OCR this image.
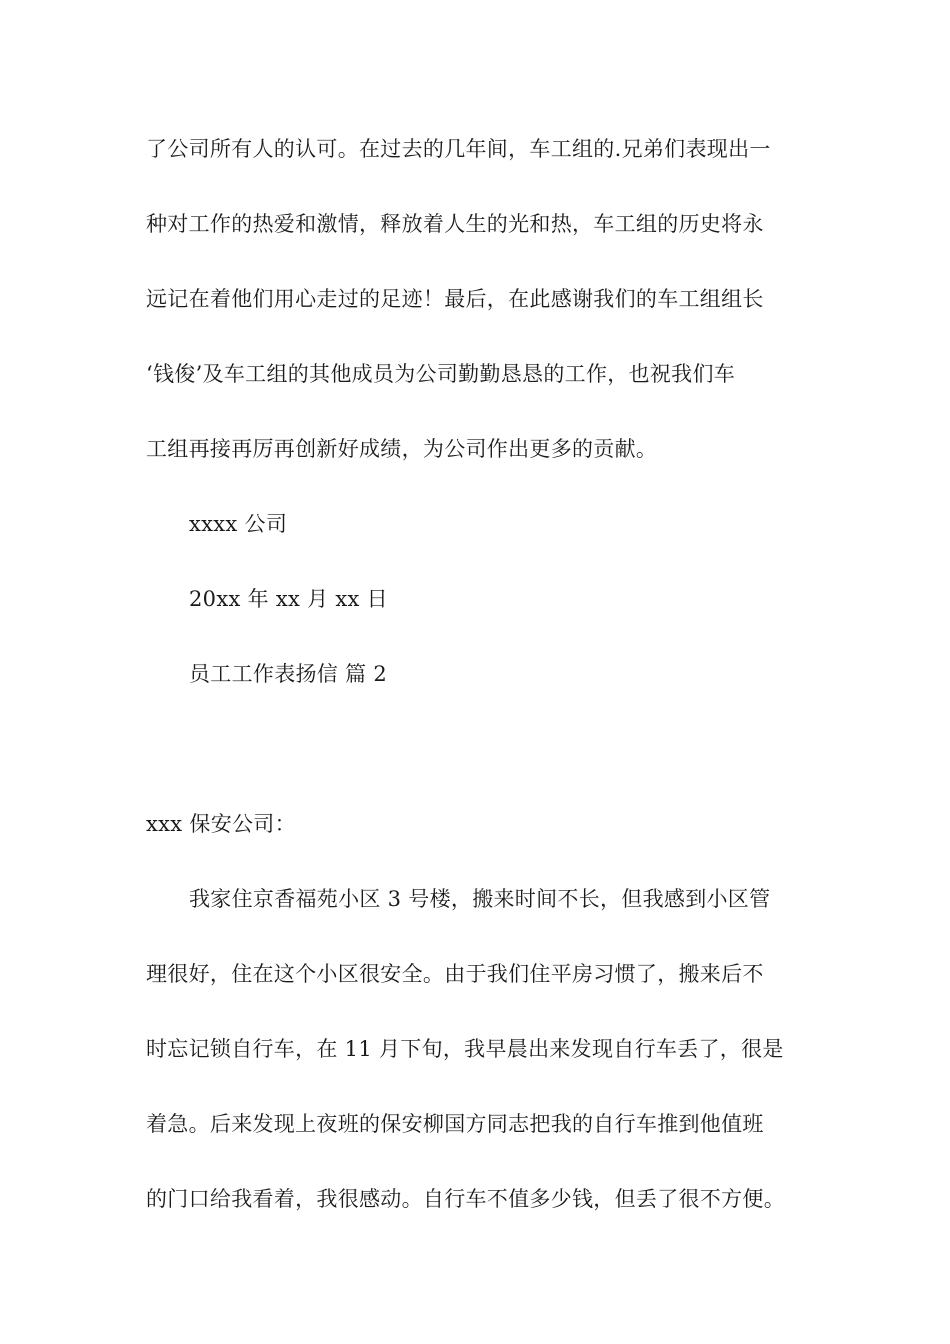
了公司所有人的认可。在过去的几年间，车工组的.兄弟们表现出一
种对工作的热爱和激情，释放着人生的光和热，车工组的历史将永
远记在着他们用心走过的足迹！最后，在此感谢我们的车工组组长
‘钱俊’及车工组的其他成员为公司勤勤恳恳的工作，也祝我们车
工组再接再厉再创新好成绩，为公司作出更多的贡献。
xxxx 公司
20xx 年 xx 月 xx 日
员工工作表扬信 篇 2
xxx 保安公司：
我家住京香福苑小区 3 号楼，搬来时间不长，但我感到小区管
理很好，住在这个小区很安全。由于我们住平房习惯了，搬来后不
时忘记锁自行车，在 11 月下旬，我早晨出来发现自行车丢了，很是
着急。后来发现上夜班的保安柳国方同志把我的自行车推到他值班
的门口给我看着，我很感动。自行车不值多少钱，但丢了很不方便。
